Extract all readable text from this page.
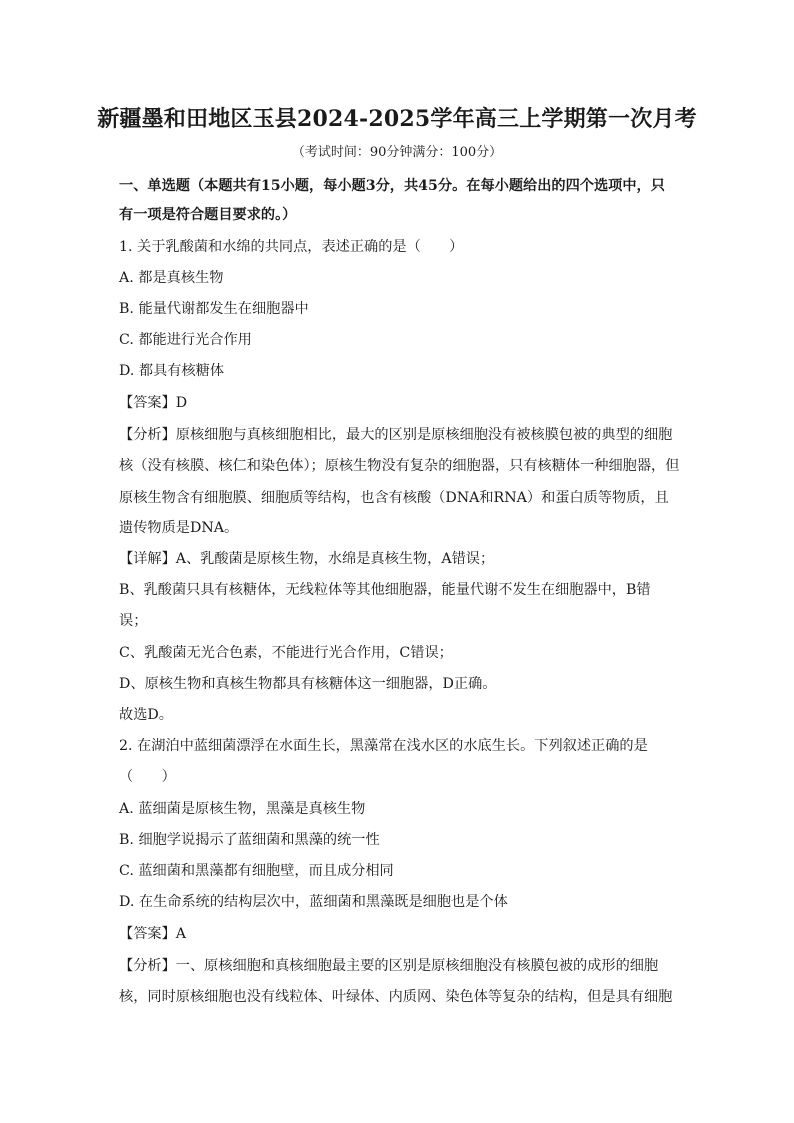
新疆墨和田地区玉县2024-2025学年高三上学期第一次月考
（考试时间：90分钟满分：100分）
一、单选题（本题共有15小题，每小题3分，共45分。在每小题给出的四个选项中，只
有一项是符合题目要求的。）
1. 关于乳酸菌和水绵的共同点，表述正确的是（　　）
A. 都是真核生物
B. 能量代谢都发生在细胞器中
C. 都能进行光合作用
D. 都具有核糖体
【答案】D
【分析】原核细胞与真核细胞相比，最大的区别是原核细胞没有被核膜包被的典型的细胞
核（没有核膜、核仁和染色体）；原核生物没有复杂的细胞器，只有核糖体一种细胞器，但
原核生物含有细胞膜、细胞质等结构，也含有核酸（DNA和RNA）和蛋白质等物质，且
遗传物质是DNA。
【详解】A、乳酸菌是原核生物，水绵是真核生物，A错误；
B、乳酸菌只具有核糖体，无线粒体等其他细胞器，能量代谢不发生在细胞器中，B错
误；
C、乳酸菌无光合色素，不能进行光合作用，C错误；
D、原核生物和真核生物都具有核糖体这一细胞器，D正确。
故选D。
2. 在湖泊中蓝细菌漂浮在水面生长，黑藻常在浅水区的水底生长。下列叙述正确的是
（　　）
A. 蓝细菌是原核生物，黑藻是真核生物
B. 细胞学说揭示了蓝细菌和黑藻的统一性
C. 蓝细菌和黑藻都有细胞壁，而且成分相同
D. 在生命系统的结构层次中，蓝细菌和黑藻既是细胞也是个体
【答案】A
【分析】一、原核细胞和真核细胞最主要的区别是原核细胞没有核膜包被的成形的细胞
核，同时原核细胞也没有线粒体、叶绿体、内质网、染色体等复杂的结构，但是具有细胞
